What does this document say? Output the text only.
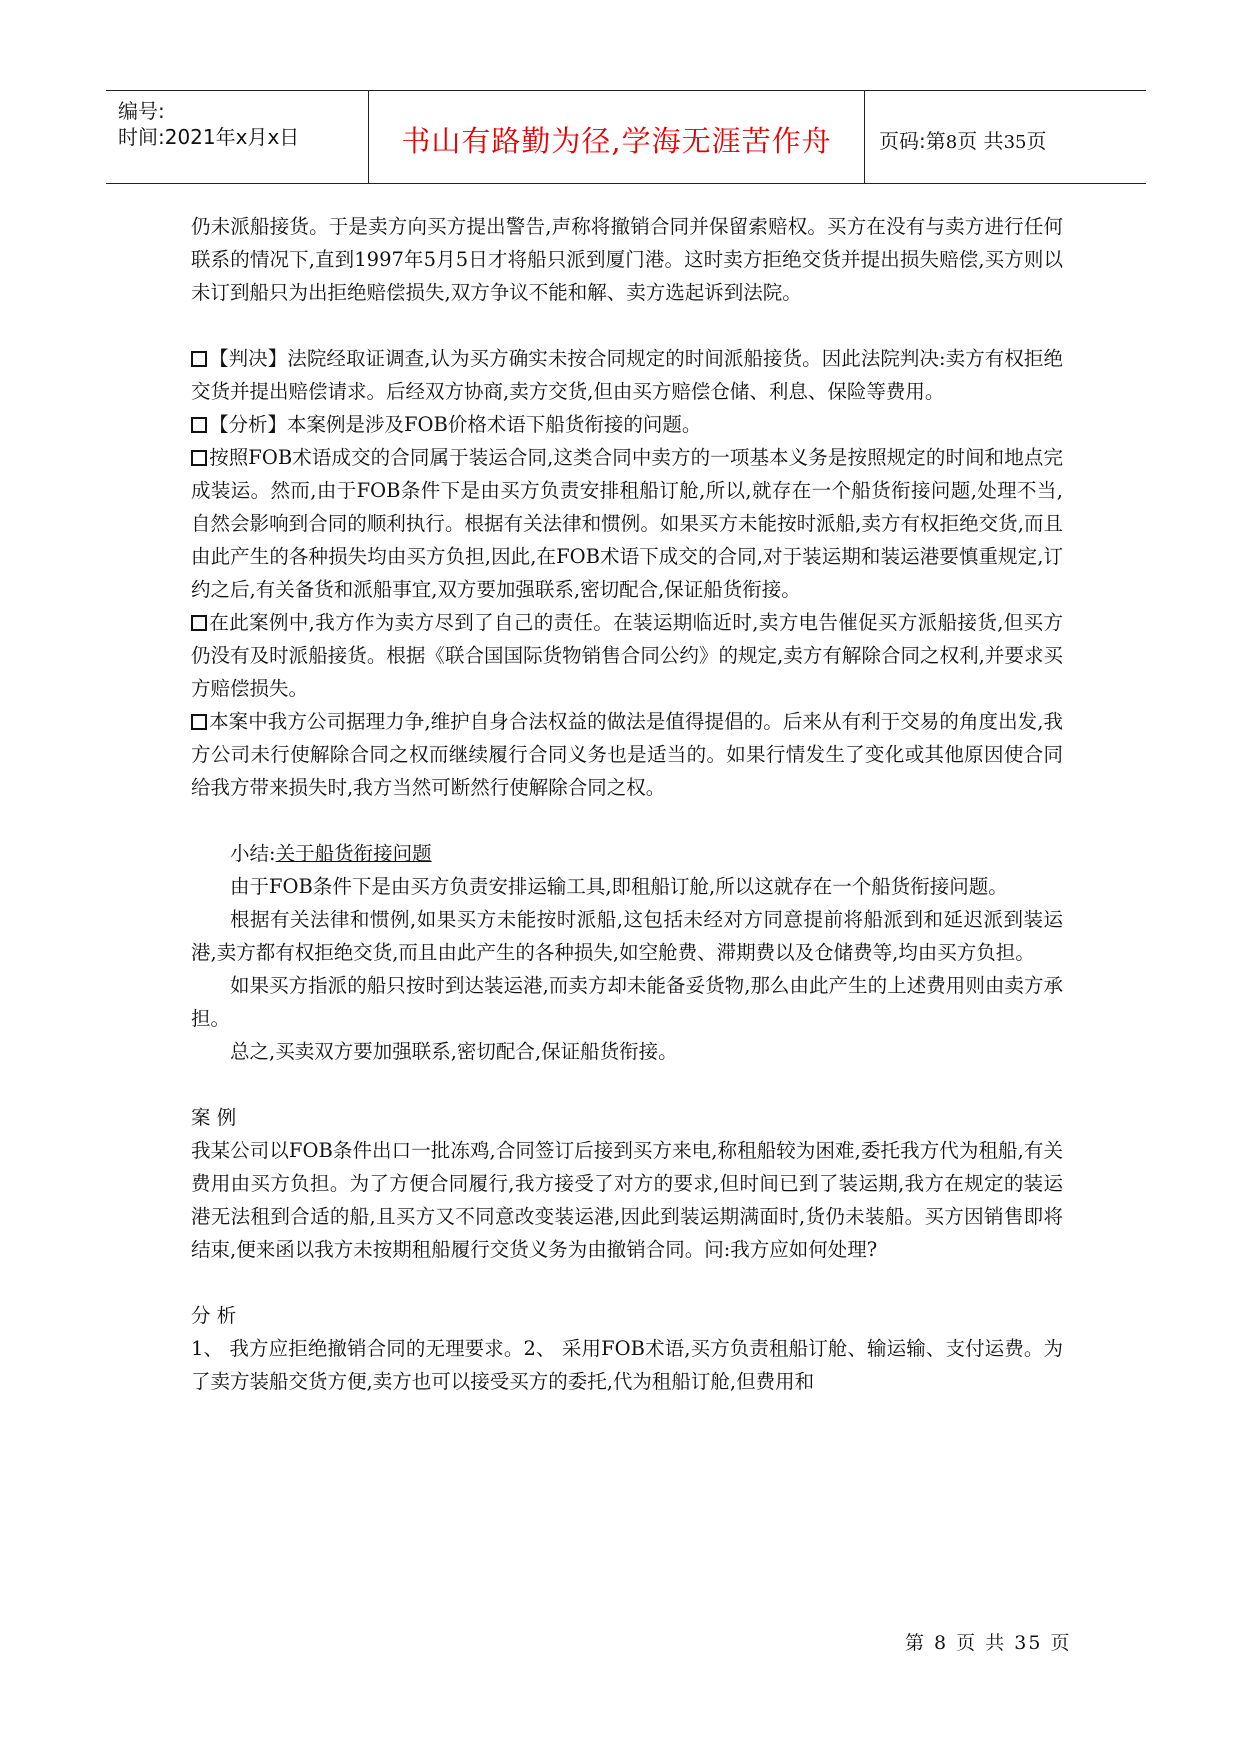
编号:
时间:2021年x月x日	书山有路勤为径,学海无涯苦作舟	页码:第8页 共35页

仍未派船接货。于是卖方向买方提出警告,声称将撤销合同并保留索赔权。买方在没有与卖方进行任何联系的情况下,直到1997年5月5日才将船只派到厦门港。这时卖方拒绝交货并提出损失赔偿,买方则以未订到船只为出拒绝赔偿损失,双方争议不能和解、卖方选起诉到法院。

【判决】法院经取证调查,认为买方确实未按合同规定的时间派船接货。因此法院判决:卖方有权拒绝交货并提出赔偿请求。后经双方协商,卖方交货,但由买方赔偿仓储、利息、保险等费用。

【分析】本案例是涉及FOB价格术语下船货衔接的问题。

按照FOB术语成交的合同属于装运合同,这类合同中卖方的一项基本义务是按照规定的时间和地点完成装运。然而,由于FOB条件下是由买方负责安排租船订舱,所以,就存在一个船货衔接问题,处理不当,自然会影响到合同的顺利执行。根据有关法律和惯例。如果买方未能按时派船,卖方有权拒绝交货,而且由此产生的各种损失均由买方负担,因此,在FOB术语下成交的合同,对于装运期和装运港要慎重规定,订约之后,有关备货和派船事宜,双方要加强联系,密切配合,保证船货衔接。

在此案例中,我方作为卖方尽到了自己的责任。在装运期临近时,卖方电告催促买方派船接货,但买方仍没有及时派船接货。根据《联合国国际货物销售合同公约》的规定,卖方有解除合同之权利,并要求买方赔偿损失。

本案中我方公司据理力争,维护自身合法权益的做法是值得提倡的。后来从有利于交易的角度出发,我方公司未行使解除合同之权而继续履行合同义务也是适当的。如果行情发生了变化或其他原因使合同给我方带来损失时,我方当然可断然行使解除合同之权。

小结:关于船货衔接问题

由于FOB条件下是由买方负责安排运输工具,即租船订舱,所以这就存在一个船货衔接问题。

根据有关法律和惯例,如果买方未能按时派船,这包括未经对方同意提前将船派到和延迟派到装运港,卖方都有权拒绝交货,而且由此产生的各种损失,如空舱费、滞期费以及仓储费等,均由买方负担。

如果买方指派的船只按时到达装运港,而卖方却未能备妥货物,那么由此产生的上述费用则由卖方承担。

总之,买卖双方要加强联系,密切配合,保证船货衔接。

案 例

我某公司以FOB条件出口一批冻鸡,合同签订后接到买方来电,称租船较为困难,委托我方代为租船,有关费用由买方负担。为了方便合同履行,我方接受了对方的要求,但时间已到了装运期,我方在规定的装运港无法租到合适的船,且买方又不同意改变装运港,因此到装运期满面时,货仍未装船。买方因销售即将结束,便来函以我方未按期租船履行交货义务为由撤销合同。问:我方应如何处理?

分 析

1、 我方应拒绝撤销合同的无理要求。2、 采用FOB术语,买方负责租船订舱、输运输、支付运费。为了卖方装船交货方便,卖方也可以接受买方的委托,代为租船订舱,但费用和

第 8 页 共 35 页
